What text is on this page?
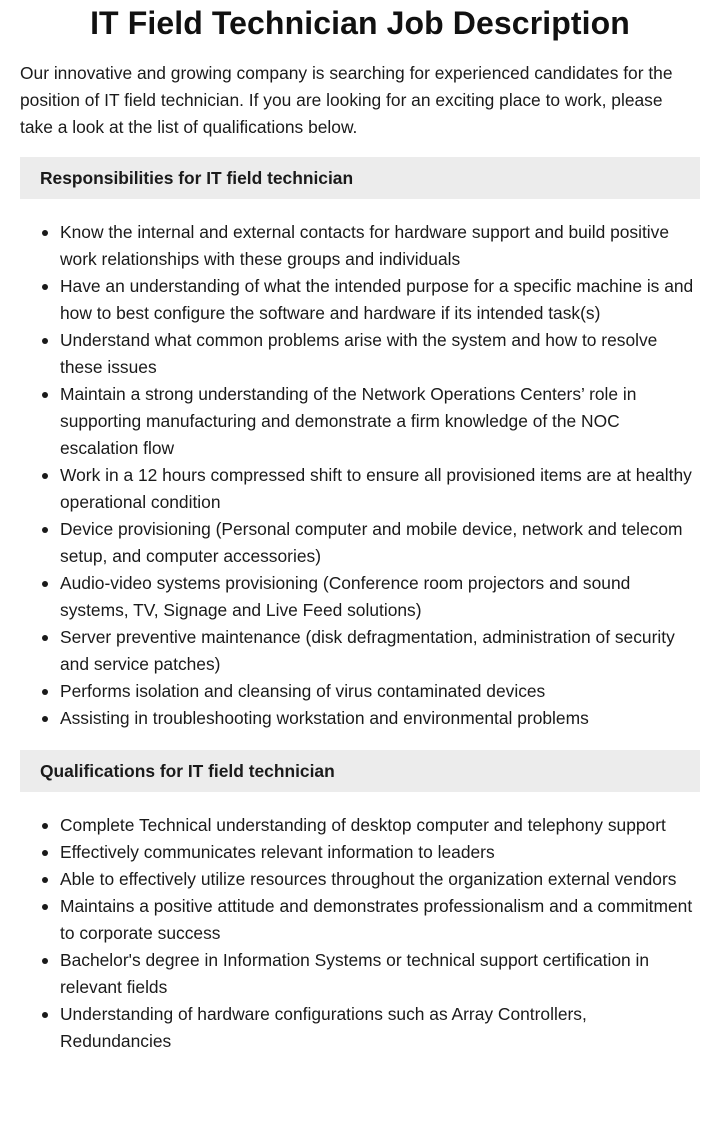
IT Field Technician Job Description

Our innovative and growing company is searching for experienced candidates for the position of IT field technician. If you are looking for an exciting place to work, please take a look at the list of qualifications below.

Responsibilities for IT field technician
Know the internal and external contacts for hardware support and build positive work relationships with these groups and individuals
Have an understanding of what the intended purpose for a specific machine is and how to best configure the software and hardware if its intended task(s)
Understand what common problems arise with the system and how to resolve these issues
Maintain a strong understanding of the Network Operations Centers’ role in supporting manufacturing and demonstrate a firm knowledge of the NOC escalation flow
Work in a 12 hours compressed shift to ensure all provisioned items are at healthy operational condition
Device provisioning (Personal computer and mobile device, network and telecom setup, and computer accessories)
Audio-video systems provisioning (Conference room projectors and sound systems, TV, Signage and Live Feed solutions)
Server preventive maintenance (disk defragmentation, administration of security and service patches)
Performs isolation and cleansing of virus contaminated devices
Assisting in troubleshooting workstation and environmental problems
Qualifications for IT field technician
Complete Technical understanding of desktop computer and telephony support
Effectively communicates relevant information to leaders
Able to effectively utilize resources throughout the organization external vendors
Maintains a positive attitude and demonstrates professionalism and a commitment to corporate success
Bachelor's degree in Information Systems or technical support certification in relevant fields
Understanding of hardware configurations such as Array Controllers, Redundancies
